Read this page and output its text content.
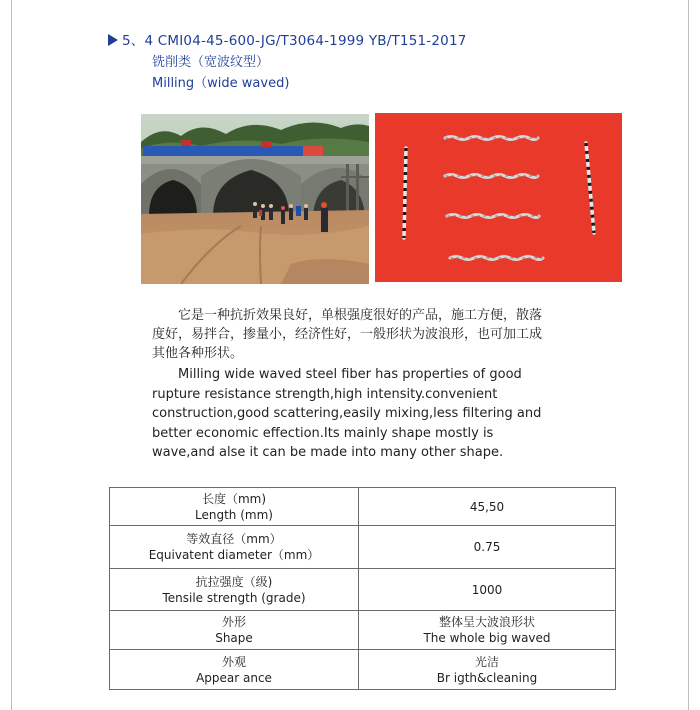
5、4 CMI04-45-600-JG/T3064-1999 YB/T151-2017
铣削类（宽波纹型）
Milling（wide waved)
它是一种抗折效果良好，单根强度很好的产品，施工方便，散落
度好，易拌合，掺量小，经济性好，一般形状为波浪形，也可加工成
其他各种形状。
Milling wide waved steel fiber has properties of good
rupture resistance strength,high intensity.convenient
construction,good scattering,easily mixing,less filtering and
better economic effection.Its mainly shape mostly is
wave,and alse it can be made into many other shape.
长度（mm)
Length (mm)	45,50

等效直径（mm）
Equivatent diameter（mm）	0.75

抗拉强度（级)
Tensile strength (grade)	1000

外形
Shape	整体呈大波浪形状
The whole big waved

外观
Appear ance	光洁
Br igth&cleaning
